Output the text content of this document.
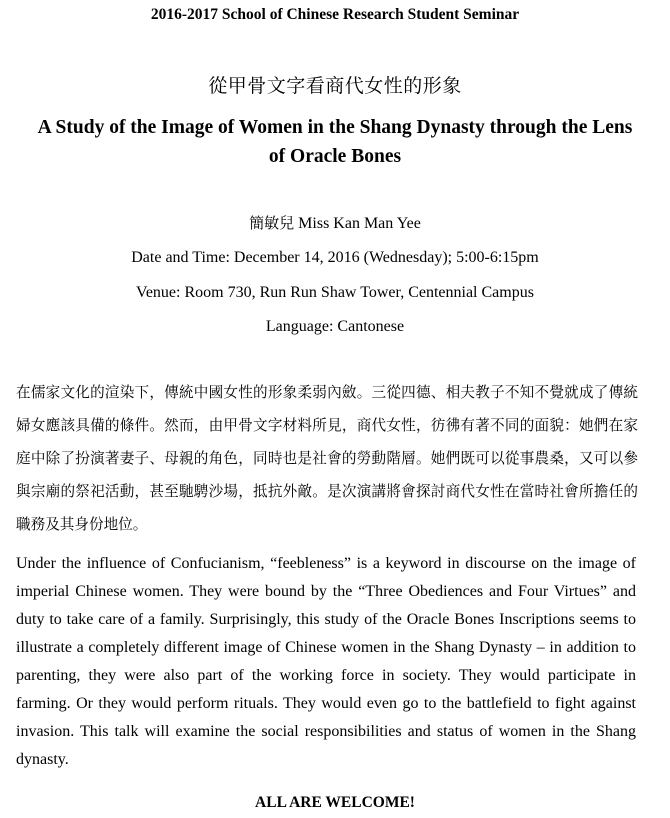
2016-2017 School of Chinese Research Student Seminar
從甲骨文字看商代女性的形象
A Study of the Image of Women in the Shang Dynasty through the Lens of Oracle Bones
簡敏兒 Miss Kan Man Yee
Date and Time: December 14, 2016 (Wednesday); 5:00-6:15pm
Venue: Room 730, Run Run Shaw Tower, Centennial Campus
Language: Cantonese

在儒家文化的渲染下，傳統中國女性的形象柔弱內斂。三從四德、相夫教子不知不覺就成了傳統婦女應該具備的條件。然而，由甲骨文字材料所見，商代女性，彷彿有著不同的面貌：她們在家庭中除了扮演著妻子、母親的角色，同時也是社會的勞動階層。她們既可以從事農桑，又可以參與宗廟的祭祀活動，甚至馳騁沙場，抵抗外敵。是次演講將會探討商代女性在當時社會所擔任的職務及其身份地位。

Under the influence of Confucianism, “feebleness” is a keyword in discourse on the image of imperial Chinese women. They were bound by the “Three Obediences and Four Virtues” and duty to take care of a family. Surprisingly, this study of the Oracle Bones Inscriptions seems to illustrate a completely different image of Chinese women in the Shang Dynasty – in addition to parenting, they were also part of the working force in society. They would participate in farming. Or they would perform rituals. They would even go to the battlefield to fight against invasion. This talk will examine the social responsibilities and status of women in the Shang dynasty.

ALL ARE WELCOME!
